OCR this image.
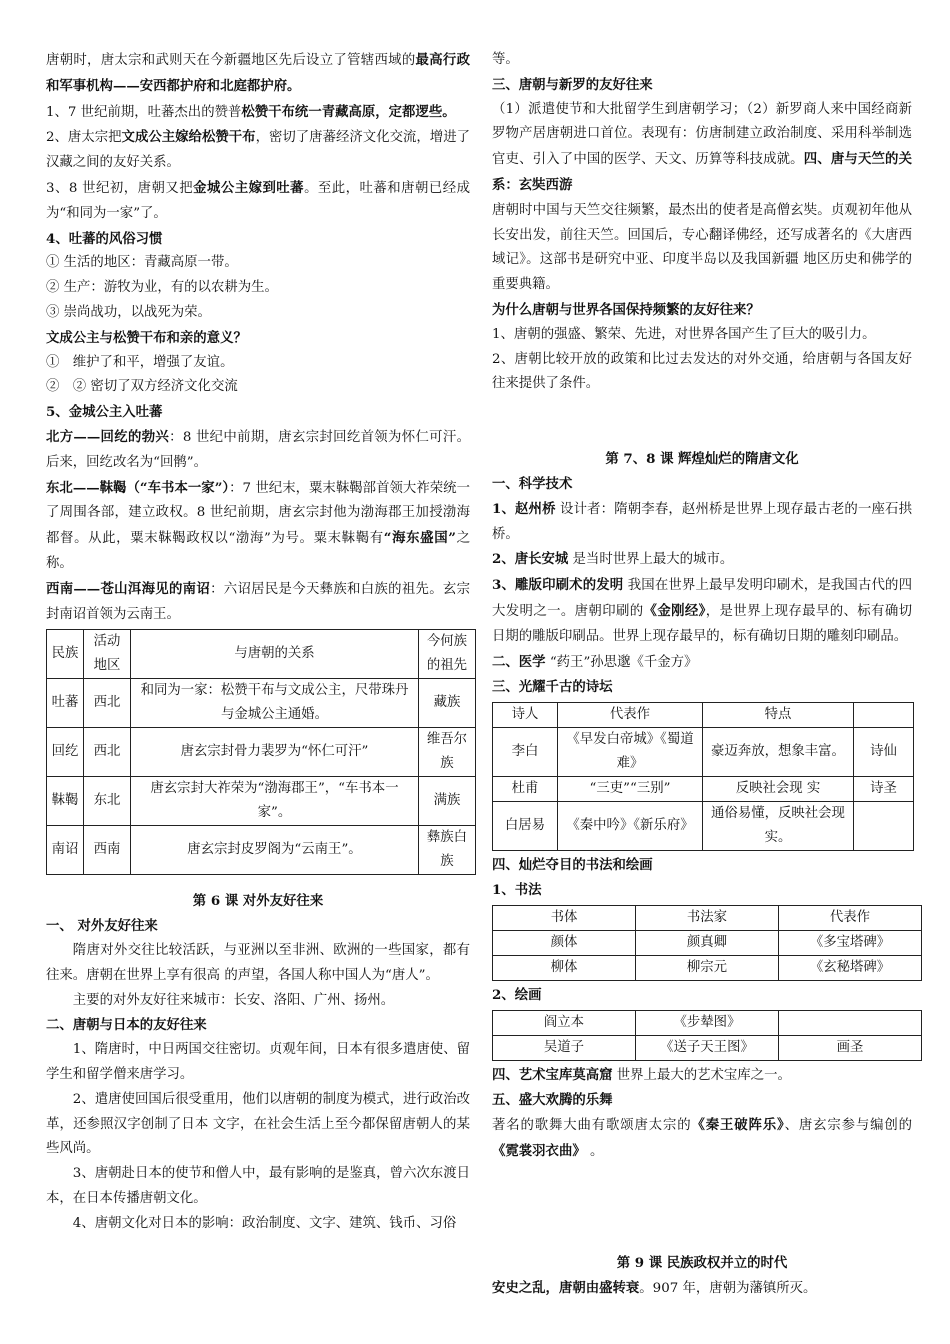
唐朝时，唐太宗和武则天在今新疆地区先后设立了管辖西域的最高行政和军事机构——安西都护府和北庭都护府。

1、7 世纪前期，吐蕃杰出的赞普松赞干布统一青藏高原，定都逻些。

2、唐太宗把文成公主嫁给松赞干布，密切了唐蕃经济文化交流，增进了汉藏之间的友好关系。

3、8 世纪初，唐朝又把金城公主嫁到吐蕃。至此，吐蕃和唐朝已经成为“和同为一家”了。

4、吐蕃的风俗习惯

① 生活的地区：青藏高原一带。

② 生产：游牧为业，有的以农耕为生。

③ 崇尚战功，以战死为荣。

文成公主与松赞干布和亲的意义？

①　维护了和平，增强了友谊。

②　② 密切了双方经济文化交流

5、金城公主入吐蕃

北方——回纥的勃兴：8 世纪中前期，唐玄宗封回纥首领为怀仁可汗。后来，回纥改名为“回鹘”。

东北——靺鞨（“车书本一家”）：7 世纪末，粟末靺鞨部首领大祚荣统一了周围各部，建立政权。8 世纪前期，唐玄宗封他为渤海郡王加授渤海都督。从此，粟末靺鞨政权以“渤海”为号。粟末靺鞨有“海东盛国”之称。

西南——苍山洱海见的南诏：六诏居民是今天彝族和白族的祖先。玄宗封南诏首领为云南王。

民族	活动地区	与唐朝的关系	今何族的祖先
吐蕃	西北	和同为一家：松赞干布与文成公主，尺带珠丹与金城公主通婚。	藏族
回纥	西北	唐玄宗封骨力裴罗为“怀仁可汗”	维吾尔族
靺鞨	东北	唐玄宗封大祚荣为“渤海郡王”，“车书本一家”。	满族
南诏	西南	唐玄宗封皮罗阁为“云南王”。	彝族白族

第 6 课 对外友好往来

一、 对外友好往来

隋唐对外交往比较活跃，与亚洲以至非洲、欧洲的一些国家，都有往来。唐朝在世界上享有很高 的声望，各国人称中国人为“唐人”。

主要的对外友好往来城市：长安、洛阳、广州、扬州。

二、唐朝与日本的友好往来

1、隋唐时，中日两国交往密切。贞观年间，日本有很多遣唐使、留学生和留学僧来唐学习。

2、遣唐使回国后很受重用，他们以唐朝的制度为模式，进行政治改革，还参照汉字创制了日本 文字，在社会生活上至今都保留唐朝人的某些风尚。

3、唐朝赴日本的使节和僧人中，最有影响的是鉴真，曾六次东渡日本，在日本传播唐朝文化。

4、唐朝文化对日本的影响：政治制度、文字、建筑、钱币、习俗

等。

三、唐朝与新罗的友好往来

（1）派遣使节和大批留学生到唐朝学习；（2）新罗商人来中国经商新罗物产居唐朝进口首位。表现有：仿唐制建立政治制度、采用科举制选官吏、引入了中国的医学、天文、历算等科技成就。四、唐与天竺的关系：玄奘西游

唐朝时中国与天竺交往频繁，最杰出的使者是高僧玄奘。贞观初年他从长安出发，前往天竺。回国后，专心翻译佛经，还写成著名的《大唐西域记》。这部书是研究中亚、印度半岛以及我国新疆 地区历史和佛学的重要典籍。

为什么唐朝与世界各国保持频繁的友好往来？

1、唐朝的强盛、繁荣、先进，对世界各国产生了巨大的吸引力。

2、唐朝比较开放的政策和比过去发达的对外交通，给唐朝与各国友好往来提供了条件。

第 7、8 课 辉煌灿烂的隋唐文化

一、科学技术

1、赵州桥 设计者：隋朝李春，赵州桥是世界上现存最古老的一座石拱桥。

2、唐长安城 是当时世界上最大的城市。

3、雕版印刷术的发明 我国在世界上最早发明印刷术，是我国古代的四大发明之一。唐朝印刷的《金刚经》，是世界上现存最早的、标有确切日期的雕版印刷品。世界上现存最早的，标有确切日期的雕刻印刷品。

二、医学 “药王”孙思邈《千金方》

三、光耀千古的诗坛

诗人	代表作	特点	
李白	《早发白帝城》《蜀道难》	豪迈奔放，想象丰富。	诗仙
杜甫	“三吏”“三别”	反映社会现 实	诗圣
白居易	《秦中吟》《新乐府》	通俗易懂，反映社会现实。	

四、灿烂夺目的书法和绘画

1、书法

书体	书法家	代表作
颜体	颜真卿	《多宝塔碑》
柳体	柳宗元	《玄秘塔碑》

2、绘画

阎立本	《步辇图》	
吴道子	《送子天王图》	画圣

四、艺术宝库莫高窟 世界上最大的艺术宝库之一。

五、盛大欢腾的乐舞

著名的歌舞大曲有歌颂唐太宗的《秦王破阵乐》、唐玄宗参与编创的《霓裳羽衣曲》 。

第 9 课 民族政权并立的时代

安史之乱，唐朝由盛转衰。907 年，唐朝为藩镇所灭。
